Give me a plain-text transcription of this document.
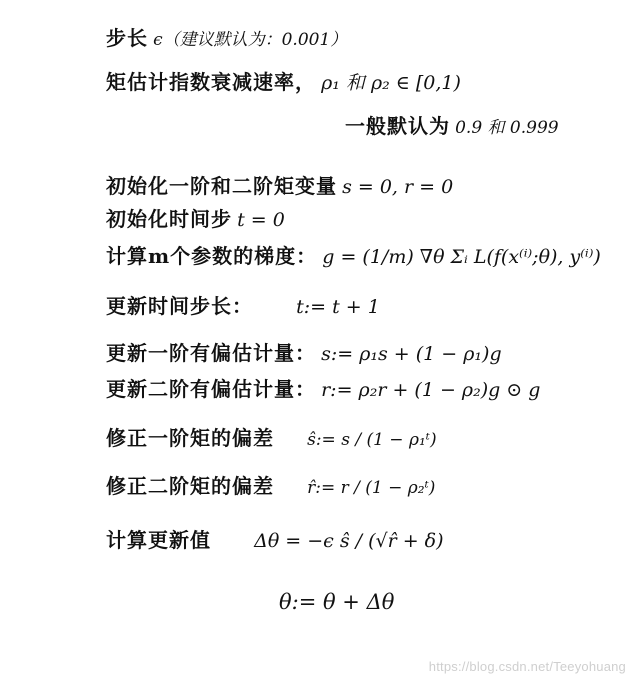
步长 ϵ（建议默认为：0.001）
矩估计指数衰减速率， ρ₁ 和 ρ₂ ∈ [0,1)
一般默认为 0.9 和 0.999
初始化一阶和二阶矩变量 s = 0, r = 0
初始化时间步 t = 0
计算m个参数的梯度： g = (1/m) ∇θ Σᵢ L(f(x⁽ⁱ⁾;θ), y⁽ⁱ⁾)
更新时间步长： t:= t + 1
更新一阶有偏估计量： s:= ρ₁s + (1 − ρ₁)g
更新二阶有偏估计量： r:= ρ₂r + (1 − ρ₂)g ⊙ g
修正一阶矩的偏差 ŝ:= s / (1 − ρ₁ᵗ)
修正二阶矩的偏差 r̂:= r / (1 − ρ₂ᵗ)
计算更新值 Δθ = −ϵ ŝ / (√r̂ + δ)
θ:= θ + Δθ
https://blog.csdn.net/Teeyohuang
